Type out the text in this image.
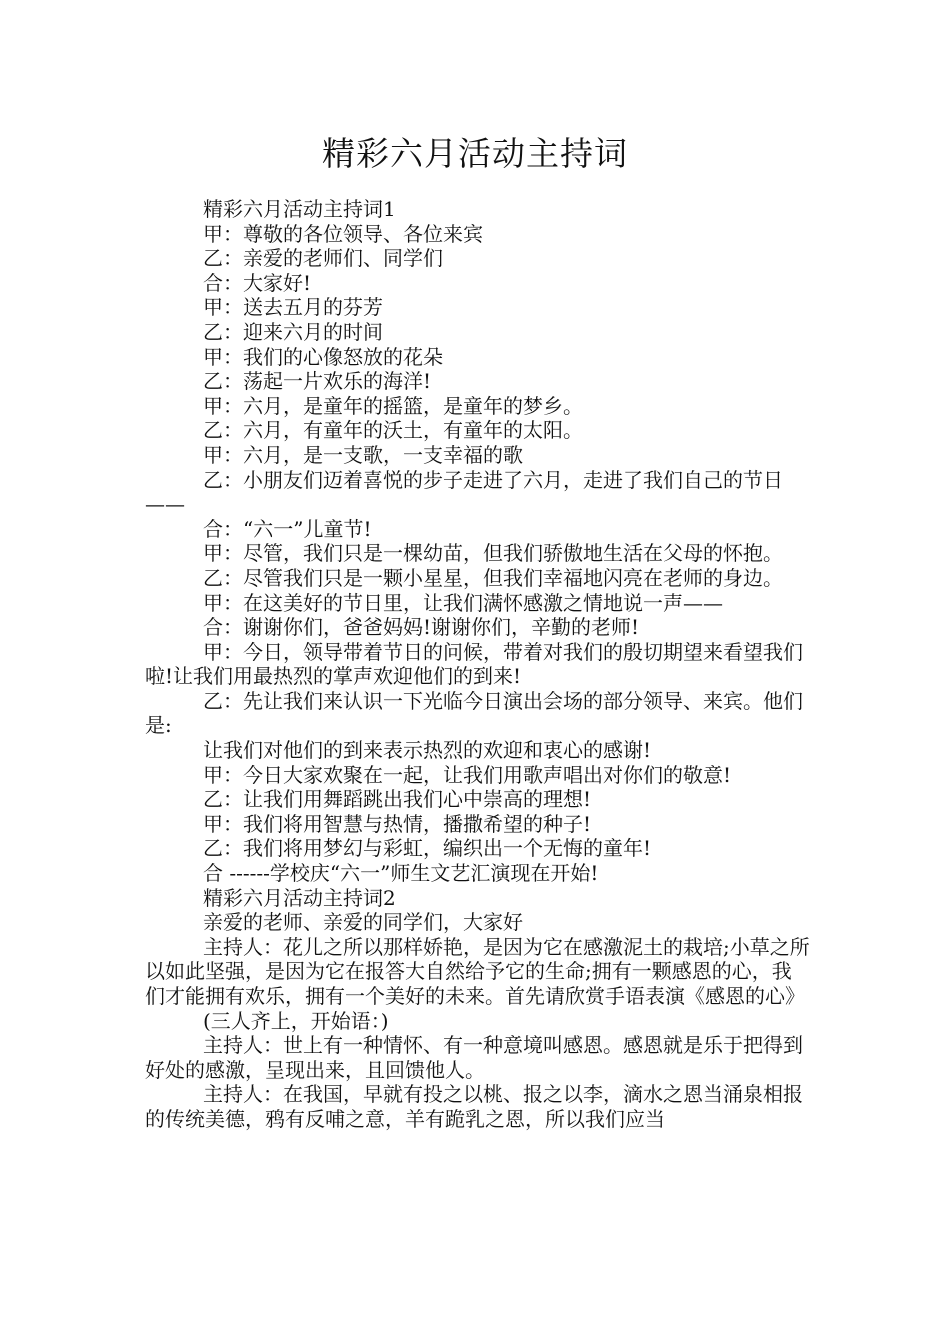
精彩六月活动主持词

精彩六月活动主持词1

甲：尊敬的各位领导、各位来宾

乙：亲爱的老师们、同学们

合：大家好!

甲：送去五月的芬芳

乙：迎来六月的时间

甲：我们的心像怒放的花朵

乙：荡起一片欢乐的海洋!

甲：六月，是童年的摇篮，是童年的梦乡。

乙：六月，有童年的沃土，有童年的太阳。

甲：六月，是一支歌，一支幸福的歌

乙：小朋友们迈着喜悦的步子走进了六月，走进了我们自己的节日——

合：“六一”儿童节!

甲：尽管，我们只是一棵幼苗，但我们骄傲地生活在父母的怀抱。

乙：尽管我们只是一颗小星星，但我们幸福地闪亮在老师的身边。

甲：在这美好的节日里，让我们满怀感激之情地说一声——

合：谢谢你们，爸爸妈妈!谢谢你们，辛勤的老师!

甲：今日，领导带着节日的问候，带着对我们的殷切期望来看望我们啦!让我们用最热烈的掌声欢迎他们的到来!

乙：先让我们来认识一下光临今日演出会场的部分领导、来宾。他们是:

让我们对他们的到来表示热烈的欢迎和衷心的感谢!

甲：今日大家欢聚在一起，让我们用歌声唱出对你们的敬意!

乙：让我们用舞蹈跳出我们心中崇高的理想!

甲：我们将用智慧与热情，播撒希望的种子!

乙：我们将用梦幻与彩虹，编织出一个无悔的童年!

合 ------学校庆“六一”师生文艺汇演现在开始!

精彩六月活动主持词2

亲爱的老师、亲爱的同学们，大家好

主持人：花儿之所以那样娇艳，是因为它在感激泥土的栽培;小草之所以如此坚强，是因为它在报答大自然给予它的生命;拥有一颗感恩的心，我们才能拥有欢乐，拥有一个美好的未来。首先请欣赏手语表演《感恩的心》

(三人齐上，开始语：)

主持人：世上有一种情怀、有一种意境叫感恩。感恩就是乐于把得到好处的感激，呈现出来，且回馈他人。

主持人：在我国，早就有投之以桃、报之以李，滴水之恩当涌泉相报的传统美德，鸦有反哺之意，羊有跪乳之恩，所以我们应当
